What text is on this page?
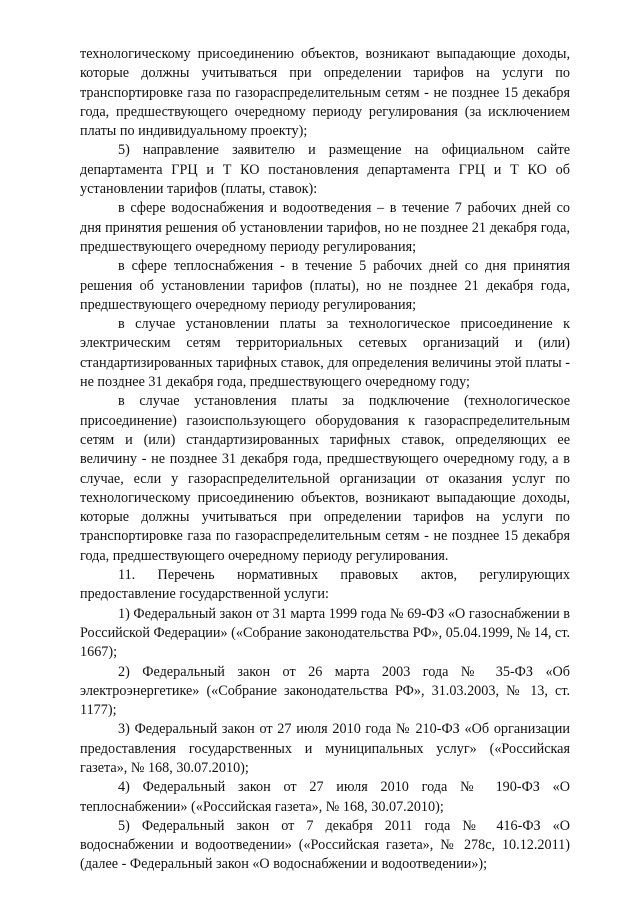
технологическому присоединению объектов, возникают выпадающие доходы, которые должны учитываться при определении тарифов на услуги по транспортировке газа по газораспределительным сетям - не позднее 15 декабря года, предшествующего очередному периоду регулирования (за исключением платы по индивидуальному проекту);

5) направление заявителю и размещение на официальном сайте департамента ГРЦ и Т КО постановления департамента ГРЦ и Т КО об установлении тарифов (платы, ставок):

в сфере водоснабжения и водоотведения – в течение 7 рабочих дней со дня принятия решения об установлении тарифов, но не позднее 21 декабря года, предшествующего очередному периоду регулирования;

в сфере теплоснабжения - в течение 5 рабочих дней со дня принятия решения об установлении тарифов (платы), но не позднее 21 декабря года, предшествующего очередному периоду регулирования;

в случае установлении платы за технологическое присоединение к электрическим сетям территориальных сетевых организаций и (или) стандартизированных тарифных ставок, для определения величины этой платы - не позднее 31 декабря года, предшествующего очередному году;

в случае установления платы за подключение (технологическое присоединение) газоиспользующего оборудования к газораспределительным сетям и (или) стандартизированных тарифных ставок, определяющих ее величину - не позднее 31 декабря года, предшествующего очередному году, а в случае, если у газораспределительной организации от оказания услуг по технологическому присоединению объектов, возникают выпадающие доходы, которые должны учитываться при определении тарифов на услуги по транспортировке газа по газораспределительным сетям - не позднее 15 декабря года, предшествующего очередному периоду регулирования.

11. Перечень нормативных правовых актов, регулирующих предоставление государственной услуги:

1) Федеральный закон от 31 марта 1999 года № 69-ФЗ «О газоснабжении в Российской Федерации» («Собрание законодательства РФ», 05.04.1999, № 14, ст. 1667);

2) Федеральный закон от 26 марта 2003 года № 35-ФЗ «Об электроэнергетике» («Собрание законодательства РФ», 31.03.2003, № 13, ст. 1177);

3) Федеральный закон от 27 июля 2010 года № 210-ФЗ «Об организации предоставления государственных и муниципальных услуг» («Российская газета», № 168, 30.07.2010);

4) Федеральный закон от 27 июля 2010 года № 190-ФЗ «О теплоснабжении» («Российская газета», № 168, 30.07.2010);

5) Федеральный закон от 7 декабря 2011 года № 416-ФЗ «О водоснабжении и водоотведении» («Российская газета», № 278с, 10.12.2011) (далее - Федеральный закон «О водоснабжении и водоотведении»);
